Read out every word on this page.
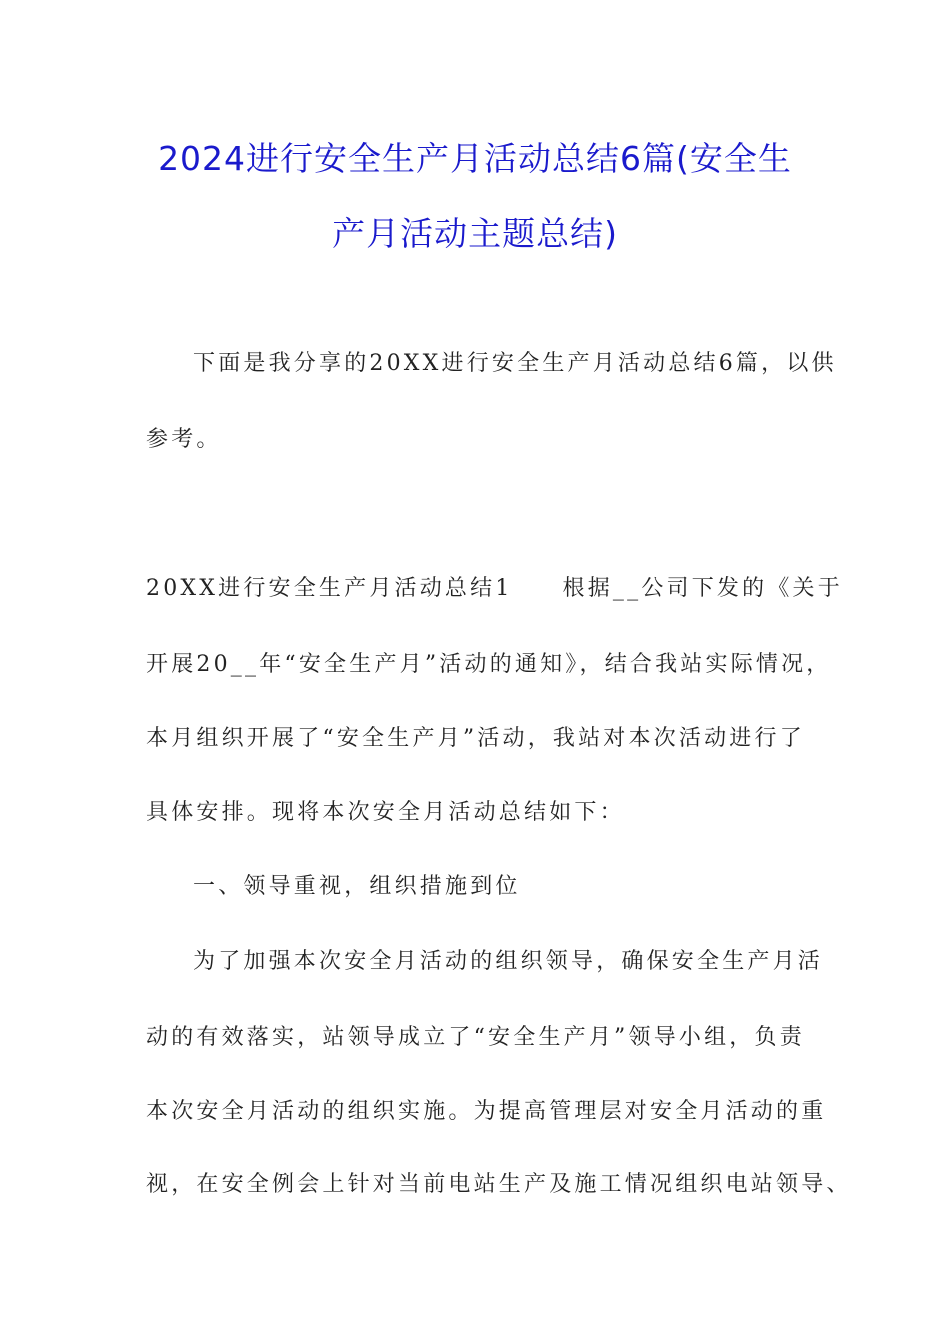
2024进行安全生产月活动总结6篇(安全生
产月活动主题总结)
下面是我分享的20XX进行安全生产月活动总结6篇，以供
参考。
20XX进行安全生产月活动总结1 根据__公司下发的《关于
开展20__年“安全生产月”活动的通知》，结合我站实际情况，
本月组织开展了“安全生产月”活动，我站对本次活动进行了
具体安排。现将本次安全月活动总结如下：
一、领导重视，组织措施到位
为了加强本次安全月活动的组织领导，确保安全生产月活
动的有效落实，站领导成立了“安全生产月”领导小组，负责
本次安全月活动的组织实施。为提高管理层对安全月活动的重
视，在安全例会上针对当前电站生产及施工情况组织电站领导、
